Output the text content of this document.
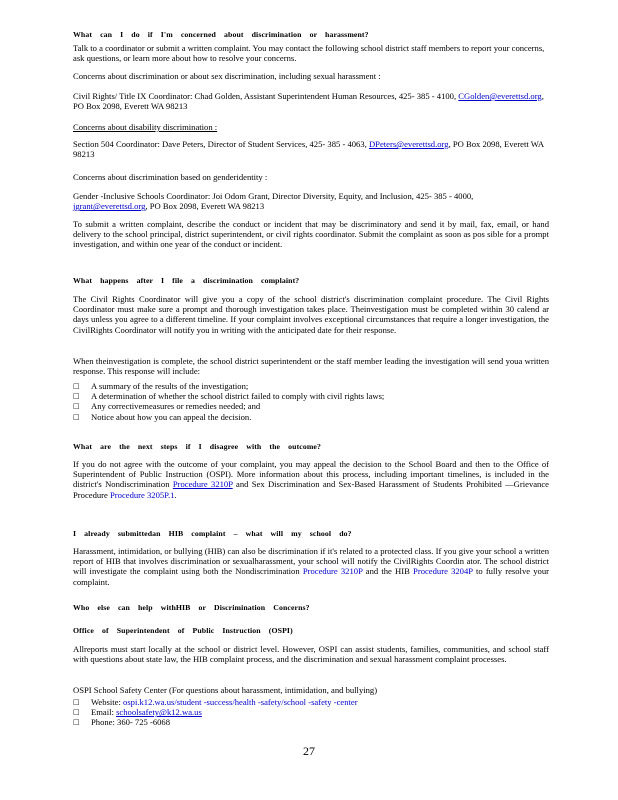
What can I do if I'm concerned about discrimination or harassment?
Talk to a coordinator or submit a written complaint. You may contact the following school district staff members to report your concerns, ask questions, or learn more about how to resolve your concerns.
Concerns about discrimination or about sex discrimination, including sexual harassment :
Civil Rights/ Title IX Coordinator: Chad Golden, Assistant Superintendent Human Resources, 425- 385 - 4100, CGolden@everettsd.org, PO Box 2098, Everett WA 98213
Concerns about disability discrimination :
Section 504 Coordinator: Dave Peters, Director of Student Services, 425- 385 - 4063, DPeters@everettsd.org, PO Box 2098, Everett WA 98213
Concerns about discrimination based on genderidentity :
Gender -Inclusive Schools Coordinator: Joi Odom Grant, Director Diversity, Equity, and Inclusion, 425- 385 - 4000, jgrant@everettsd.org, PO Box 2098, Everett WA 98213
To submit a written complaint, describe the conduct or incident that may be discriminatory and send it by mail, fax, email, or hand delivery to the school principal, district superintendent, or civil rights coordinator. Submit the complaint as soon as pos sible for a prompt investigation, and within one year of the conduct or incident.
What happens after I file a discrimination complaint?
The Civil Rights Coordinator will give you a copy of the school district's discrimination complaint procedure. The Civil Rights Coordinator must make sure a prompt and thorough investigation takes place. Theinvestigation must be completed within 30 calend ar days unless you agree to a different timeline. If your complaint involves exceptional circumstances that require a longer investigation, the CivilRights Coordinator will notify you in writing with the anticipated date for their response.
When theinvestigation is complete, the school district superintendent or the staff member leading the investigation will send youa written response. This response will include:
□ A summary of the results of the investigation;
□ A determination of whether the school district failed to comply with civil rights laws;
□ Any correctivemeasures or remedies needed; and
□ Notice about how you can appeal the decision.
What are the next steps if I disagree with the outcome?
If you do not agree with the outcome of your complaint, you may appeal the decision to the School Board and then to the Office of Superintendent of Public Instruction (OSPI). More information about this process, including important timelines, is included in the district's Nondiscrimination Procedure 3210P and Sex Discrimination and Sex-Based Harassment of Students Prohibited —Grievance Procedure Procedure 3205P.1.
I already submittedan HIB complaint – what will my school do?
Harassment, intimidation, or bullying (HIB) can also be discrimination if it's related to a protected class. If you give your school a written report of HIB that involves discrimination or sexualharassment, your school will notify the CivilRights Coordin ator. The school district will investigate the complaint using both the Nondiscrimination Procedure 3210P and the HIB Procedure 3204P to fully resolve your complaint.
Who else can help withHIB or Discrimination Concerns?
Office of Superintendent of Public Instruction (OSPI)
Allreports must start locally at the school or district level. However, OSPI can assist students, families, communities, and school staff with questions about state law, the HIB complaint process, and the discrimination and sexual harassment complaint processes.
OSPI School Safety Center (For questions about harassment, intimidation, and bullying)
□ Website: ospi.k12.wa.us/student -success/health -safety/school -safety -center
□ Email: schoolsafety@k12.wa.us
□ Phone: 360- 725 -6068
27
